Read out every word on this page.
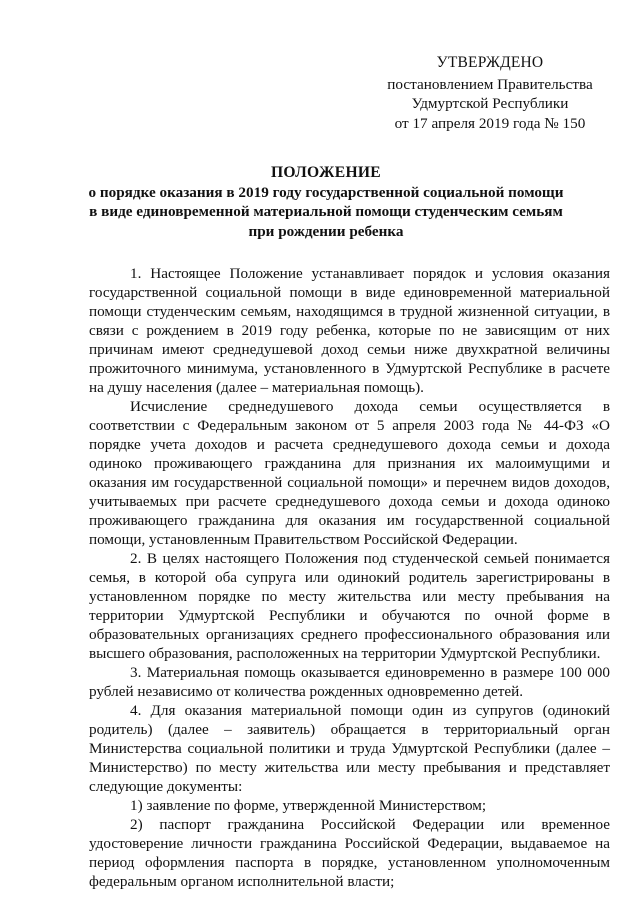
УТВЕРЖДЕНО
постановлением Правительства
Удмуртской Республики
от 17 апреля 2019 года № 150
ПОЛОЖЕНИЕ
о порядке оказания в 2019 году государственной социальной помощи
в виде единовременной материальной помощи студенческим семьям
при рождении ребенка

1. Настоящее Положение устанавливает порядок и условия оказания государственной социальной помощи в виде единовременной материальной помощи студенческим семьям, находящимся в трудной жизненной ситуации, в связи с рождением в 2019 году ребенка, которые по не зависящим от них причинам имеют среднедушевой доход семьи ниже двухкратной величины прожиточного минимума, установленного в Удмуртской Республике в расчете на душу населения (далее – материальная помощь).

Исчисление среднедушевого дохода семьи осуществляется в соответствии с Федеральным законом от 5 апреля 2003 года № 44-ФЗ «О порядке учета доходов и расчета среднедушевого дохода семьи и дохода одиноко проживающего гражданина для признания их малоимущими и оказания им государственной социальной помощи» и перечнем видов доходов, учитываемых при расчете среднедушевого дохода семьи и дохода одиноко проживающего гражданина для оказания им государственной социальной помощи, установленным Правительством Российской Федерации.

2. В целях настоящего Положения под студенческой семьей понимается семья, в которой оба супруга или одинокий родитель зарегистрированы в установленном порядке по месту жительства или месту пребывания на территории Удмуртской Республики и обучаются по очной форме в образовательных организациях среднего профессионального образования или высшего образования, расположенных на территории Удмуртской Республики.

3. Материальная помощь оказывается единовременно в размере 100 000 рублей независимо от количества рожденных одновременно детей.

4. Для оказания материальной помощи один из супругов (одинокий родитель) (далее – заявитель) обращается в территориальный орган Министерства социальной политики и труда Удмуртской Республики (далее – Министерство) по месту жительства или месту пребывания и представляет следующие документы:

1) заявление по форме, утвержденной Министерством;

2) паспорт гражданина Российской Федерации или временное удостоверение личности гражданина Российской Федерации, выдаваемое на период оформления паспорта в порядке, установленном уполномоченным федеральным органом исполнительной власти;
